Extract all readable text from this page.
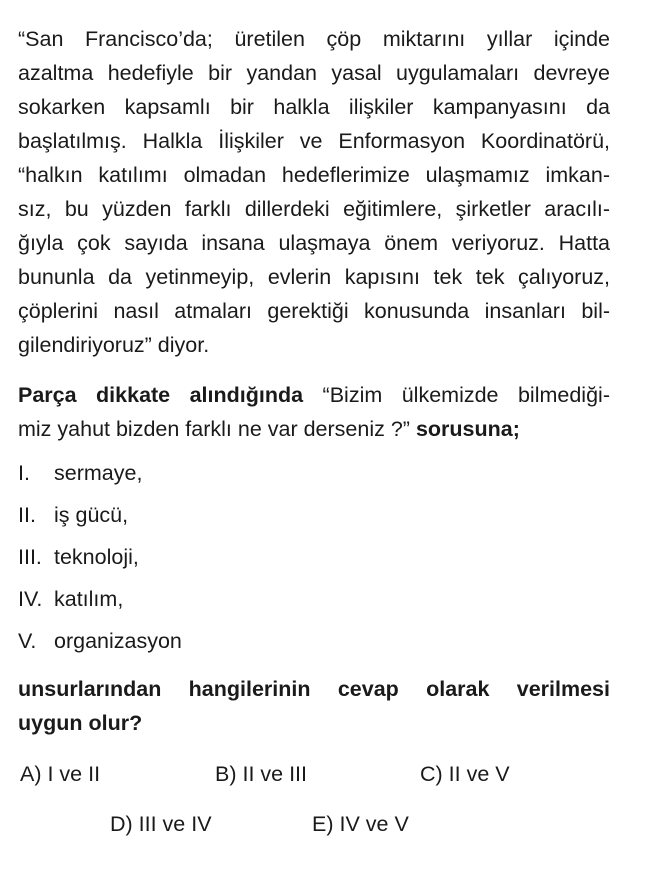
“San Francisco’da; üretilen çöp miktarını yıllar içinde
azaltma hedefiyle bir yandan yasal uygulamaları devreye
sokarken kapsamlı bir halkla ilişkiler kampanyasını da
başlatılmış. Halkla İlişkiler ve Enformasyon Koordinatörü,
“halkın katılımı olmadan hedeflerimize ulaşmamız imkan-
sız, bu yüzden farklı dillerdeki eğitimlere, şirketler aracılı-
ğıyla çok sayıda insana ulaşmaya önem veriyoruz. Hatta
bununla da yetinmeyip, evlerin kapısını tek tek çalıyoruz,
çöplerini nasıl atmaları gerektiği konusunda insanları bil-
gilendiriyoruz” diyor.
Parça dikkate alındığında “Bizim ülkemizde bilmediği-
miz yahut bizden farklı ne var derseniz ?” sorusuna;
I. sermaye,
II. iş gücü,
III. teknoloji,
IV. katılım,
V. organizasyon
unsurlarından hangilerinin cevap olarak verilmesi
uygun olur?
A) I ve II	B) II ve III	C) II ve V
D) III ve IV	E) IV ve V
